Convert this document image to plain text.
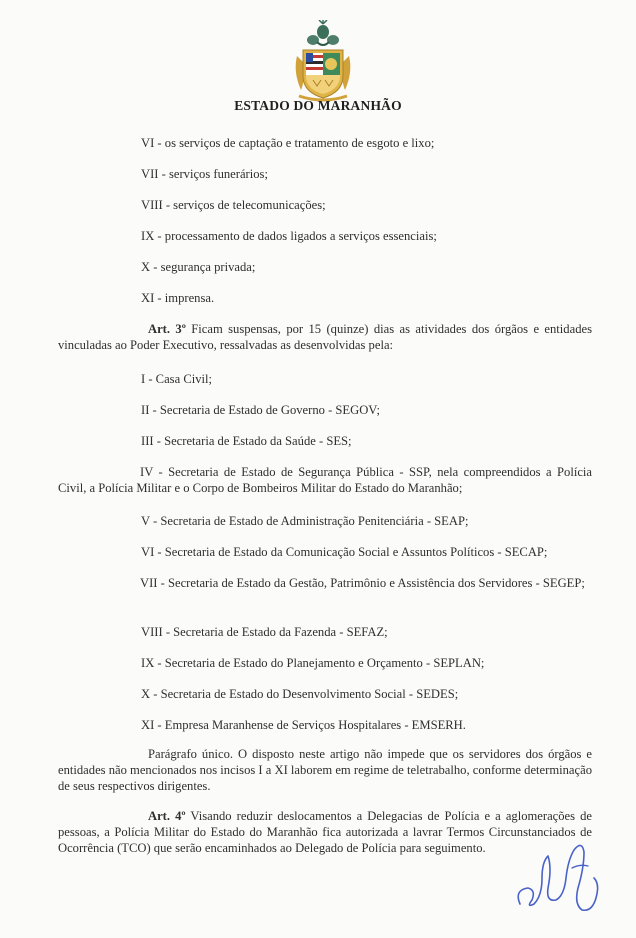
ESTADO DO MARANHÃO
VI - os serviços de captação e tratamento de esgoto e lixo;
VII - serviços funerários;
VIII - serviços de telecomunicações;
IX - processamento de dados ligados a serviços essenciais;
X - segurança privada;
XI - imprensa.
Art. 3º Ficam suspensas, por 15 (quinze) dias as atividades dos órgãos e entidades vinculadas ao Poder Executivo, ressalvadas as desenvolvidas pela:
I - Casa Civil;
II - Secretaria de Estado de Governo - SEGOV;
III - Secretaria de Estado da Saúde - SES;
IV - Secretaria de Estado de Segurança Pública - SSP, nela compreendidos a Polícia Civil, a Polícia Militar e o Corpo de Bombeiros Militar do Estado do Maranhão;
V - Secretaria de Estado de Administração Penitenciária - SEAP;
VI - Secretaria de Estado da Comunicação Social e Assuntos Políticos - SECAP;
VII - Secretaria de Estado da Gestão, Patrimônio e Assistência dos Servidores - SEGEP;
VIII - Secretaria de Estado da Fazenda - SEFAZ;
IX - Secretaria de Estado do Planejamento e Orçamento - SEPLAN;
X - Secretaria de Estado do Desenvolvimento Social - SEDES;
XI - Empresa Maranhense de Serviços Hospitalares - EMSERH.
Parágrafo único. O disposto neste artigo não impede que os servidores dos órgãos e entidades não mencionados nos incisos I a XI laborem em regime de teletrabalho, conforme determinação de seus respectivos dirigentes.
Art. 4º Visando reduzir deslocamentos a Delegacias de Polícia e a aglomerações de pessoas, a Polícia Militar do Estado do Maranhão fica autorizada a lavrar Termos Circunstanciados de Ocorrência (TCO) que serão encaminhados ao Delegado de Polícia para seguimento.
